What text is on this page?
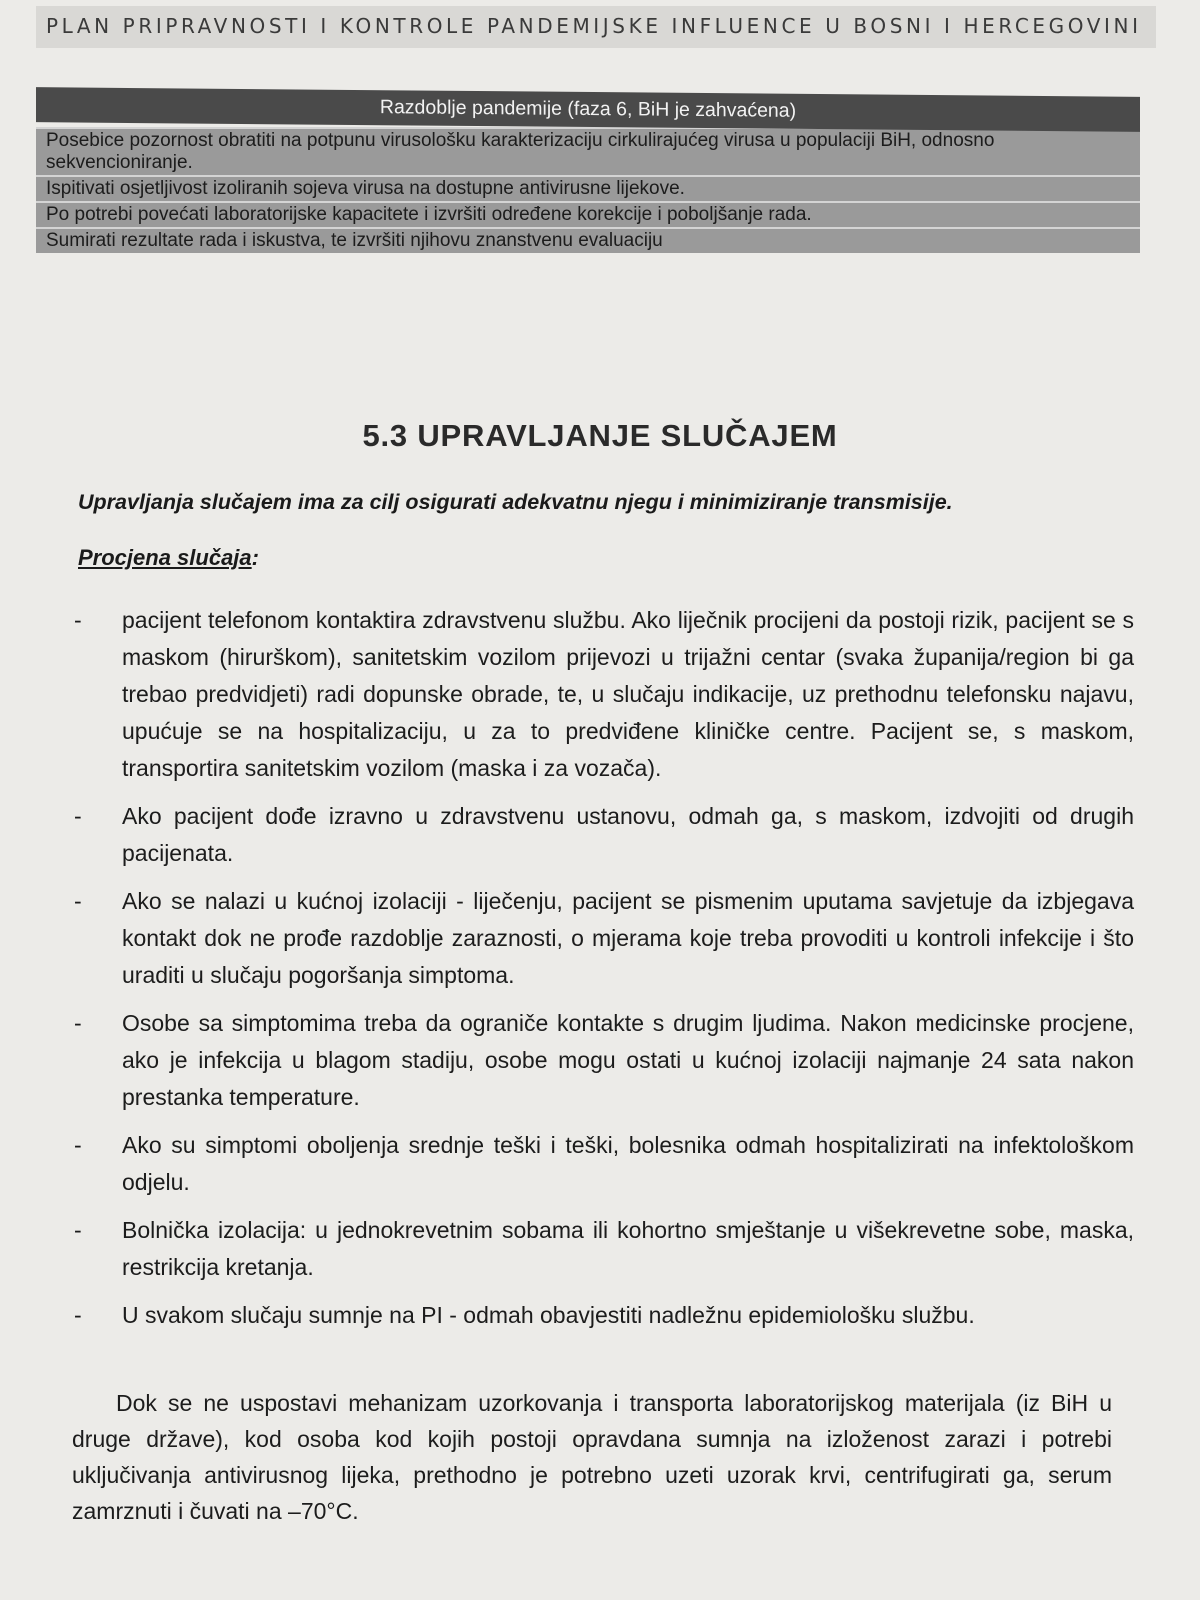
PLAN PRIPRAVNOSTI I KONTROLE PANDEMIJSKE INFLUENCE U BOSNI I HERCEGOVINI
Razdoblje pandemije (faza 6, BiH je zahvaćena)
Posebice pozornost obratiti na potpunu virusološku karakterizaciju cirkulirajućeg virusa u populaciji BiH, odnosno sekvencioniranje.
Ispitivati osjetljivost izoliranih sojeva virusa na dostupne antivirusne lijekove.
Po potrebi povećati laboratorijske kapacitete i izvršiti određene korekcije i poboljšanje rada.
Sumirati rezultate rada i iskustva, te izvršiti njihovu znanstvenu evaluaciju
5.3 UPRAVLJANJE SLUČAJEM
Upravljanja slučajem ima za cilj osigurati adekvatnu njegu i minimiziranje transmisije.
Procjena slučaja:
-	pacijent telefonom kontaktira zdravstvenu službu. Ako liječnik procijeni da postoji rizik, pacijent se s maskom (hirurškom), sanitetskim vozilom prijevozi u trijažni centar (svaka županija/region bi ga trebao predvidjeti) radi dopunske obrade, te, u slučaju indikacije, uz prethodnu telefonsku najavu, upućuje se na hospitalizaciju, u za to predviđene kliničke centre. Pacijent se, s maskom, transportira sanitetskim vozilom (maska i za vozača).
-	Ako pacijent dođe izravno u zdravstvenu ustanovu, odmah ga, s maskom, izdvojiti od drugih pacijenata.
-	Ako se nalazi u kućnoj izolaciji - liječenju, pacijent se pismenim uputama savjetuje da izbjegava kontakt dok ne prođe razdoblje zaraznosti, o mjerama koje treba provoditi u kontroli infekcije i što uraditi u slučaju pogoršanja simptoma.
-	Osobe sa simptomima treba da ograniče kontakte s drugim ljudima. Nakon medicinske procjene, ako je infekcija u blagom stadiju, osobe mogu ostati u kućnoj izolaciji najmanje 24 sata nakon prestanka temperature.
-	Ako su simptomi oboljenja srednje teški i teški, bolesnika odmah hospitalizirati na infektološkom odjelu.
-	Bolnička izolacija: u jednokrevetnim sobama ili kohortno smještanje u višekrevetne sobe, maska, restrikcija kretanja.
-	U svakom slučaju sumnje na PI - odmah obavjestiti nadležnu epidemiološku službu.
Dok se ne uspostavi mehanizam uzorkovanja i transporta laboratorijskog materijala (iz BiH u druge države), kod osoba kod kojih postoji opravdana sumnja na izloženost zarazi i potrebi uključivanja antivirusnog lijeka, prethodno je potrebno uzeti uzorak krvi, centrifugirati ga, serum zamrznuti i čuvati na –70°C.
